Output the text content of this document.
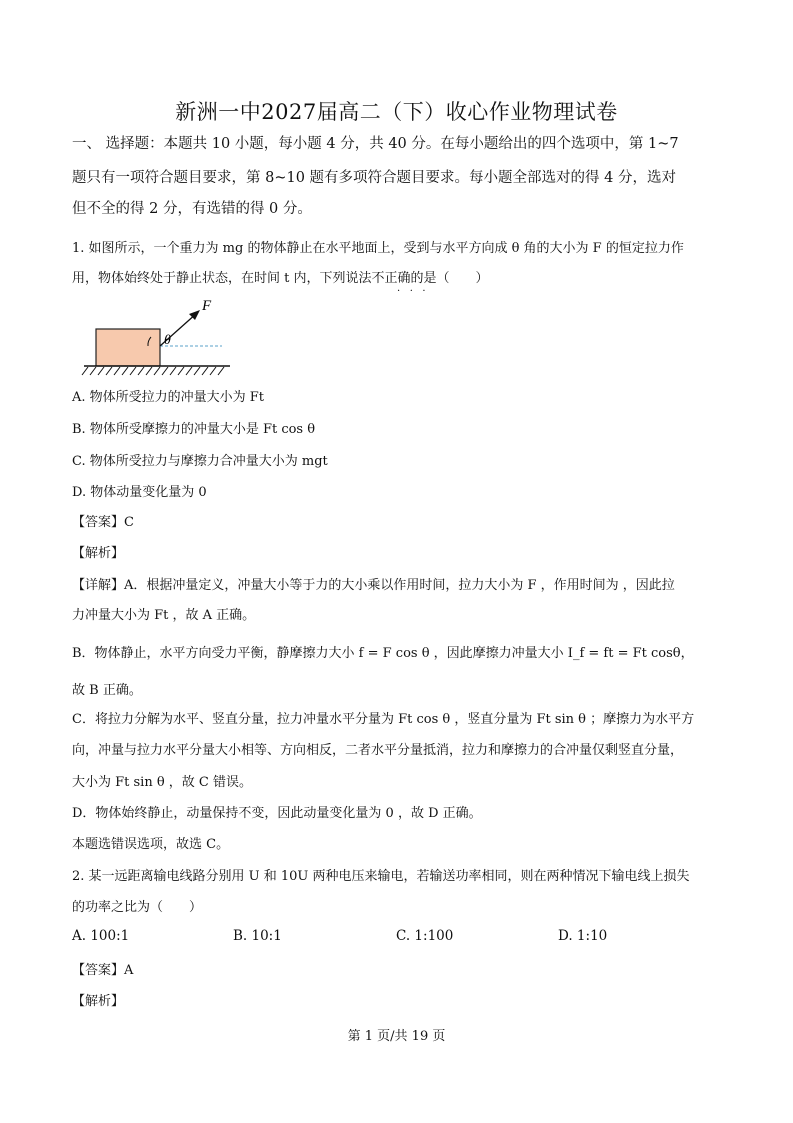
新洲一中2027届高二（下）收心作业物理试卷
一、 选择题：本题共 10 小题，每小题 4 分，共 40 分。在每小题给出的四个选项中，第 1~7
题只有一项符合题目要求，第 8~10 题有多项符合题目要求。每小题全部选对的得 4 分，选对
但不全的得 2 分，有选错的得 0 分。
1. 如图所示，一个重力为 mg 的物体静止在水平地面上，受到与水平方向成 θ 角的大小为 F 的恒定拉力作
用，物体始终处于静止状态，在时间 t 内，下列说法不正确的是（　　）
·   ·   ·
F
θ
A. 物体所受拉力的冲量大小为 Ft
B. 物体所受摩擦力的冲量大小是 Ft cos θ
C. 物体所受拉力与摩擦力合冲量大小为 mgt
D. 物体动量变化量为 0
【答案】C
【解析】
【详解】A．根据冲量定义，冲量大小等于力的大小乘以作用时间，拉力大小为 F ，作用时间为 ，因此拉
力冲量大小为 Ft ，故 A 正确。
B．物体静止，水平方向受力平衡，静摩擦力大小 f = F cos θ ，因此摩擦力冲量大小 I_f = ft = Ft cosθ，
故 B 正确。
C．将拉力分解为水平、竖直分量，拉力冲量水平分量为 Ft cos θ ，竖直分量为 Ft sin θ ；摩擦力为水平方
向，冲量与拉力水平分量大小相等、方向相反，二者水平分量抵消，拉力和摩擦力的合冲量仅剩竖直分量，
大小为 Ft sin θ ，故 C 错误。
D．物体始终静止，动量保持不变，因此动量变化量为 0 ，故 D 正确。
本题选错误选项，故选 C。
2. 某一远距离输电线路分别用 U 和 10U 两种电压来输电，若输送功率相同，则在两种情况下输电线上损失
的功率之比为（　　）
A. 100:1	B. 10:1	C. 1:100	D. 1:10
【答案】A
【解析】
第 1 页/共 19 页
